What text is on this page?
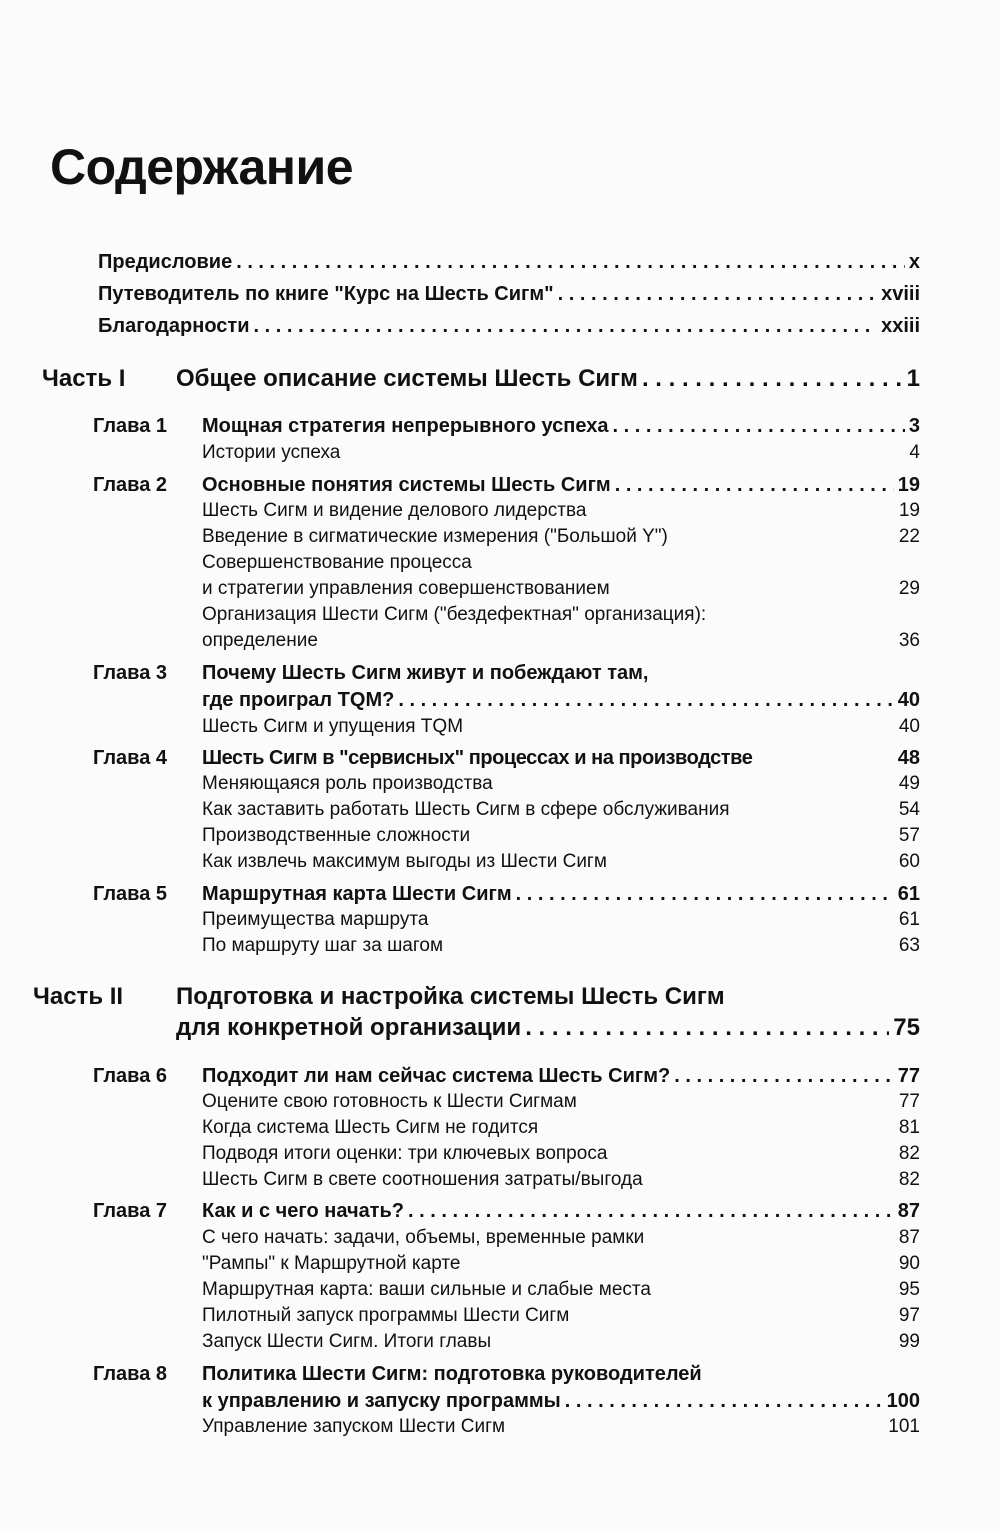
Содержание
Предисловие . . .	x
Путеводитель по книге "Курс на Шесть Сигм" . . .	xviii
Благодарности . . .	xxiii
Часть I Общее описание системы Шесть Сигм . . .	1
Глава 1 Мощная стратегия непрерывного успеха . . .	3
Истории успеха	4
Глава 2 Основные понятия системы Шесть Сигм . . .	19
Шесть Сигм и видение делового лидерства	19
Введение в сигматические измерения ("Большой Y")	22
Совершенствование процесса
и стратегии управления совершенствованием	29
Организация Шести Сигм ("бездефектная" организация):
определение	36
Глава 3 Почему Шесть Сигм живут и побеждают там,
где проиграл TQM? . . .	40
Шесть Сигм и упущения TQM	40
Глава 4 Шесть Сигм в "сервисных" процессах и на производстве	48
Меняющаяся роль производства	49
Как заставить работать Шесть Сигм в сфере обслуживания	54
Производственные сложности	57
Как извлечь максимум выгоды из Шести Сигм	60
Глава 5 Маршрутная карта Шести Сигм . . .	61
Преимущества маршрута	61
По маршруту шаг за шагом	63
Часть II Подготовка и настройка системы Шесть Сигм
для конкретной организации . . .	75
Глава 6 Подходит ли нам сейчас система Шесть Сигм? . . .	77
Оцените свою готовность к Шести Сигмам	77
Когда система Шесть Сигм не годится	81
Подводя итоги оценки: три ключевых вопроса	82
Шесть Сигм в свете соотношения затраты/выгода	82
Глава 7 Как и с чего начать? . . .	87
С чего начать: задачи, объемы, временные рамки	87
"Рампы" к Маршрутной карте	90
Маршрутная карта: ваши сильные и слабые места	95
Пилотный запуск программы Шести Сигм	97
Запуск Шести Сигм. Итоги главы	99
Глава 8 Политика Шести Сигм: подготовка руководителей
к управлению и запуску программы . . .	100
Управление запуском Шести Сигм	101
